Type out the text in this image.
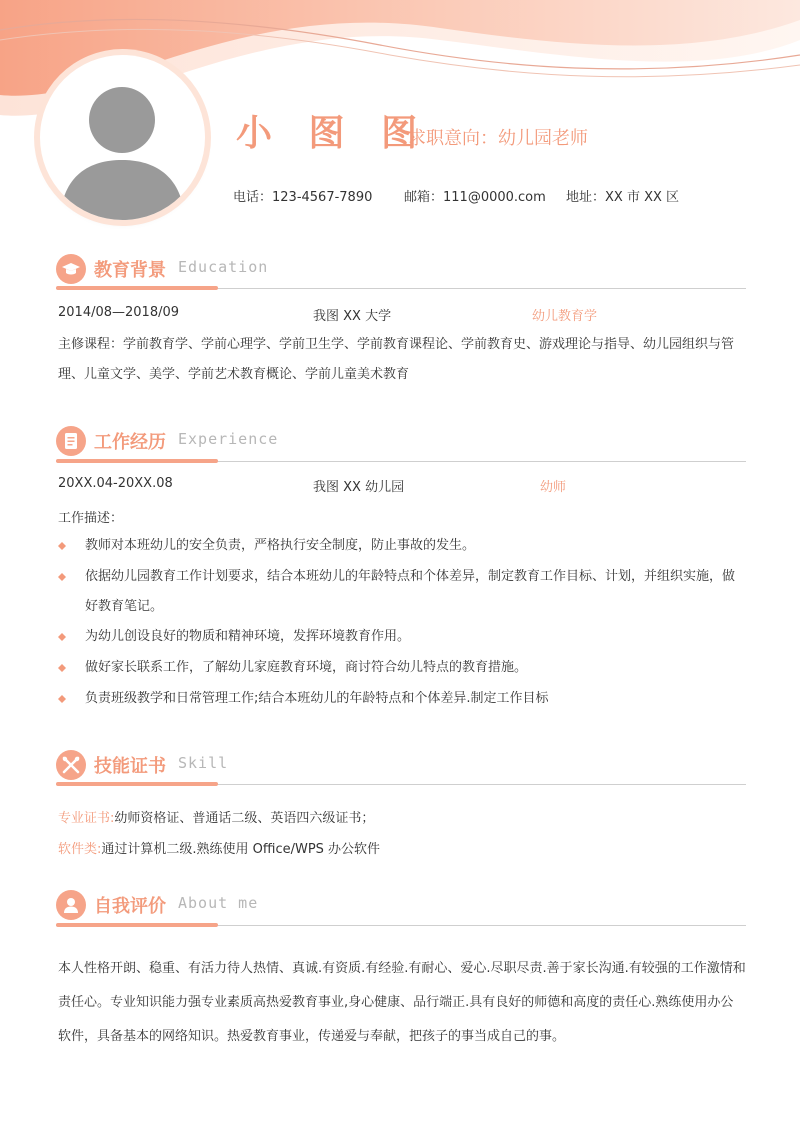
小 图 图
求职意向：幼儿园老师
电话：123-4567-7890 邮箱：111@0000.com 地址：XX 市 XX 区
教育背景 Education
2014/08—2018/09	我图 XX 大学	幼儿教育学
主修课程：学前教育学、学前心理学、学前卫生学、学前教育课程论、学前教育史、游戏理论与指导、幼儿园组织与管理、儿童文学、美学、学前艺术教育概论、学前儿童美术教育
工作经历 Experience
20XX.04-20XX.08	我图 XX 幼儿园	幼师
工作描述：
教师对本班幼儿的安全负责，严格执行安全制度，防止事故的发生。
依据幼儿园教育工作计划要求，结合本班幼儿的年龄特点和个体差异，制定教育工作目标、计划，并组织实施，做好教育笔记。
为幼儿创设良好的物质和精神环境，发挥环境教育作用。
做好家长联系工作，了解幼儿家庭教育环境，商讨符合幼儿特点的教育措施。
负责班级教学和日常管理工作;结合本班幼儿的年龄特点和个体差异.制定工作目标
技能证书 Skill
专业证书:幼师资格证、普通话二级、英语四六级证书；
软件类:通过计算机二级.熟练使用 Office/WPS 办公软件
自我评价 About me
本人性格开朗、稳重、有活力待人热情、真诚.有资质.有经验.有耐心、爱心.尽职尽责.善于家长沟通.有较强的工作激情和责任心。专业知识能力强专业素质高热爱教育事业,身心健康、品行端正.具有良好的师德和高度的责任心.熟练使用办公软件，具备基本的网络知识。热爱教育事业，传递爱与奉献，把孩子的事当成自己的事。
